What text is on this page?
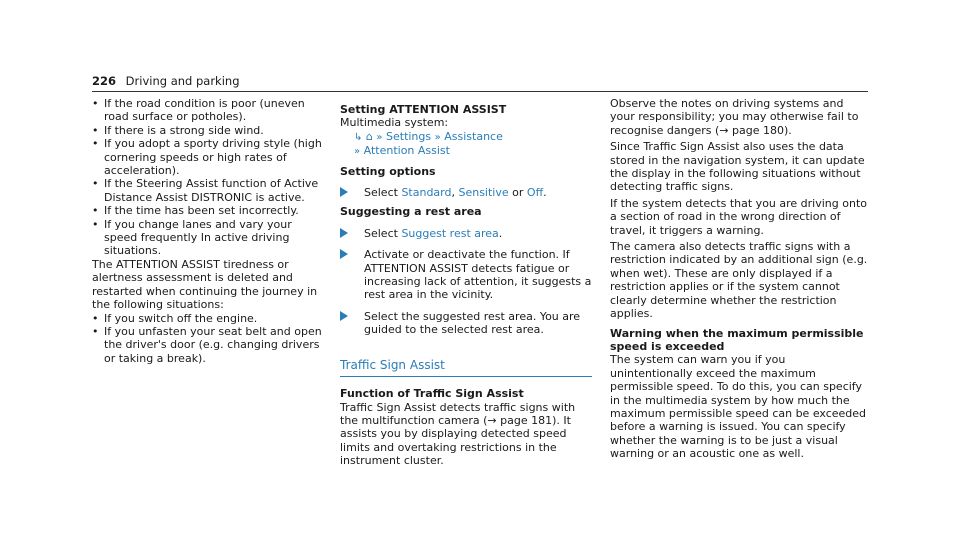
226 Driving and parking
• If the road condition is poor (uneven road surface or potholes).
• If there is a strong side wind.
• If you adopt a sporty driving style (high cornering speeds or high rates of acceleration).
• If the Steering Assist function of Active Distance Assist DISTRONIC is active.
• If the time has been set incorrectly.
• If you change lanes and vary your speed frequently In active driving situations.

The ATTENTION ASSIST tiredness or alertness assessment is deleted and restarted when continuing the journey in the following situations:

• If you switch off the engine.
• If you unfasten your seat belt and open the driver's door (e.g. changing drivers or taking a break).

Setting ATTENTION ASSIST

Multimedia system:

↳ ⌂ » Settings » Assistance

» Attention Assist

Setting options

Select Standard, Sensitive or Off.

Suggesting a rest area

Select Suggest rest area.
Activate or deactivate the function. If ATTENTION ASSIST detects fatigue or increasing lack of attention, it suggests a rest area in the vicinity.
Select the suggested rest area. You are guided to the selected rest area.

Traffic Sign Assist

Function of Traffic Sign Assist

Traffic Sign Assist detects traffic signs with the multifunction camera (→ page 181). It assists you by displaying detected speed limits and overtaking restrictions in the instrument cluster.

Observe the notes on driving systems and your responsibility; you may otherwise fail to recognise dangers (→ page 180).

Since Traffic Sign Assist also uses the data stored in the navigation system, it can update the display in the following situations without detecting traffic signs.

If the system detects that you are driving onto a section of road in the wrong direction of travel, it triggers a warning.

The camera also detects traffic signs with a restriction indicated by an additional sign (e.g. when wet). These are only displayed if a restriction applies or if the system cannot clearly determine whether the restriction applies.

Warning when the maximum permissible speed is exceeded

The system can warn you if you unintentionally exceed the maximum permissible speed. To do this, you can specify in the multimedia system by how much the maximum permissible speed can be exceeded before a warning is issued. You can specify whether the warning is to be just a visual warning or an acoustic one as well.
